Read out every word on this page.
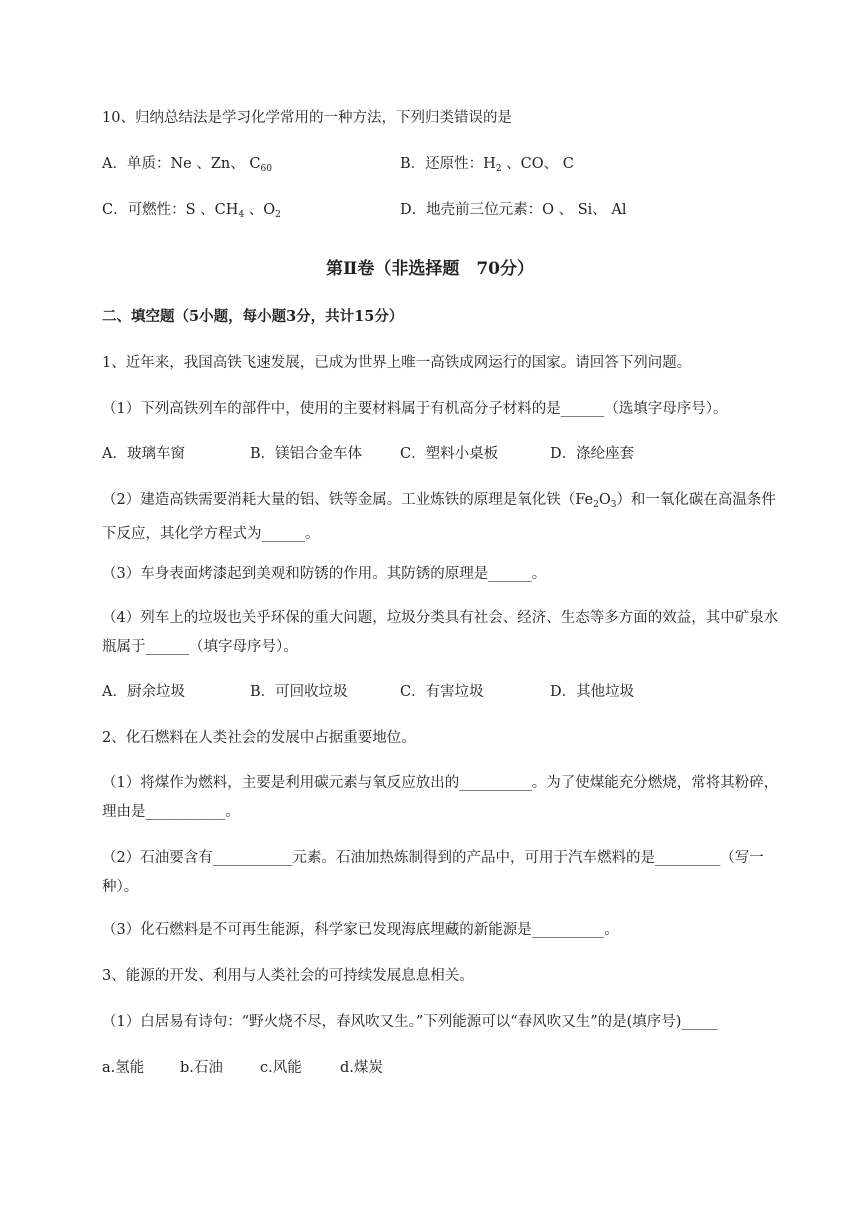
10、归纳总结法是学习化学常用的一种方法，下列归类错误的是
A．单质：Ne 、Zn、 $C_{60}$	B．还原性：$H_2$ 、CO、 C
C．可燃性：S 、$CH_4$ 、$O_2$	D．地壳前三位元素：O 、 Si、 Al
第Ⅱ卷（非选择题　70分）
二、填空题（5小题，每小题3分，共计15分）
1、近年来，我国高铁飞速发展，已成为世界上唯一高铁成网运行的国家。请回答下列问题。
（1）下列高铁列车的部件中，使用的主要材料属于有机高分子材料的是______（选填字母序号）。
A．玻璃车窗	B．镁铝合金车体	C．塑料小桌板	D．涤纶座套
（2）建造高铁需要消耗大量的铝、铁等金属。工业炼铁的原理是氧化铁$(Fe_2O_3)$和一氧化碳在高温条件下反应，其化学方程式为______。
（3）车身表面烤漆起到美观和防锈的作用。其防锈的原理是______。
（4）列车上的垃圾也关乎环保的重大问题，垃圾分类具有社会、经济、生态等多方面的效益，其中矿泉水瓶属于______（填字母序号）。
A．厨余垃圾	B．可回收垃圾	C．有害垃圾	D．其他垃圾
2、化石燃料在人类社会的发展中占据重要地位。
（1）将煤作为燃料，主要是利用碳元素与氧反应放出的__________。为了使煤能充分燃烧，常将其粉碎，理由是___________。
（2）石油要含有___________元素。石油加热炼制得到的产品中，可用于汽车燃料的是_________（写一种）。
（3）化石燃料是不可再生能源，科学家已发现海底埋藏的新能源是__________。
3、能源的开发、利用与人类社会的可持续发展息息相关。
（1）白居易有诗句：“野火烧不尽，春风吹又生。”下列能源可以“春风吹又生”的是(填序号)_____
a.氢能 b.石油	c.风能	d.煤炭
